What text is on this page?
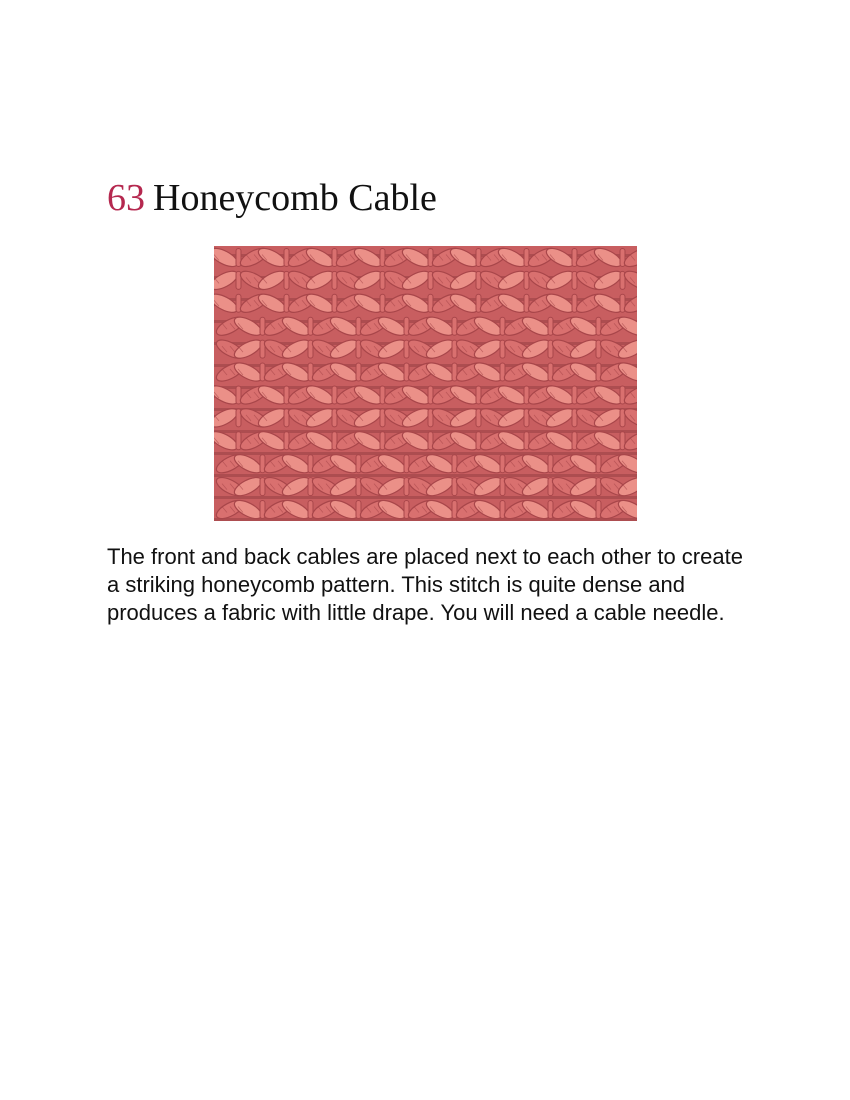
63 Honeycomb Cable

The front and back cables are placed next to each other to create a striking honeycomb pattern. This stitch is quite dense and produces a fabric with little drape. You will need a cable needle.
